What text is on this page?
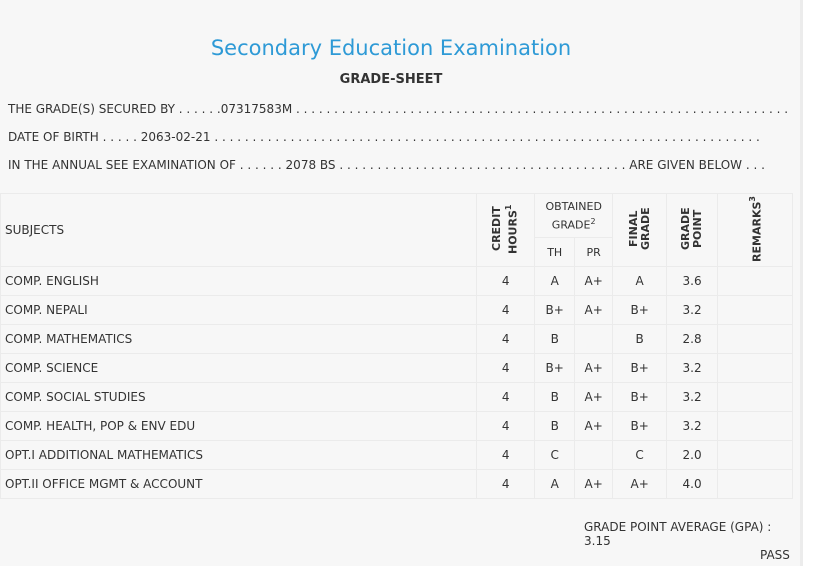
Secondary Education Examination
GRADE-SHEET
THE GRADE(S) SECURED BY . . . . . .07317583M . . . . . . . . . . . . . . . . . . . . . . . . . . . . . . . . . . . . . . . . . . . . . . . . . . . . . . . . . . . . . . . . .
DATE OF BIRTH . . . . . 2063-02-21 . . . . . . . . . . . . . . . . . . . . . . . . . . . . . . . . . . . . . . . . . . . . . . . . . . . . . . . . . . . . . . . . . . . . . . . .
IN THE ANNUAL SEE EXAMINATION OF . . . . . . 2078 BS . . . . . . . . . . . . . . . . . . . . . . . . . . . . . . . . . . . . . . ARE GIVEN BELOW . . .
SUBJECTS	CREDIT HOURS$^1$	OBTAINED GRADE$^2$		FINAL GRADE	GRADE POINT	REMARKS$^3$
		TH	PR			
COMP. ENGLISH	4	A	A+	A	3.6	
COMP. NEPALI	4	B+	A+	B+	3.2	
COMP. MATHEMATICS	4	B		B	2.8	
COMP. SCIENCE	4	B+	A+	B+	3.2	
COMP. SOCIAL STUDIES	4	B	A+	B+	3.2	
COMP. HEALTH, POP & ENV EDU	4	B	A+	B+	3.2	
OPT.I ADDITIONAL MATHEMATICS	4	C		C	2.0	
OPT.II OFFICE MGMT & ACCOUNT	4	A	A+	A+	4.0	
GRADE POINT AVERAGE (GPA) : 3.15
PASS
